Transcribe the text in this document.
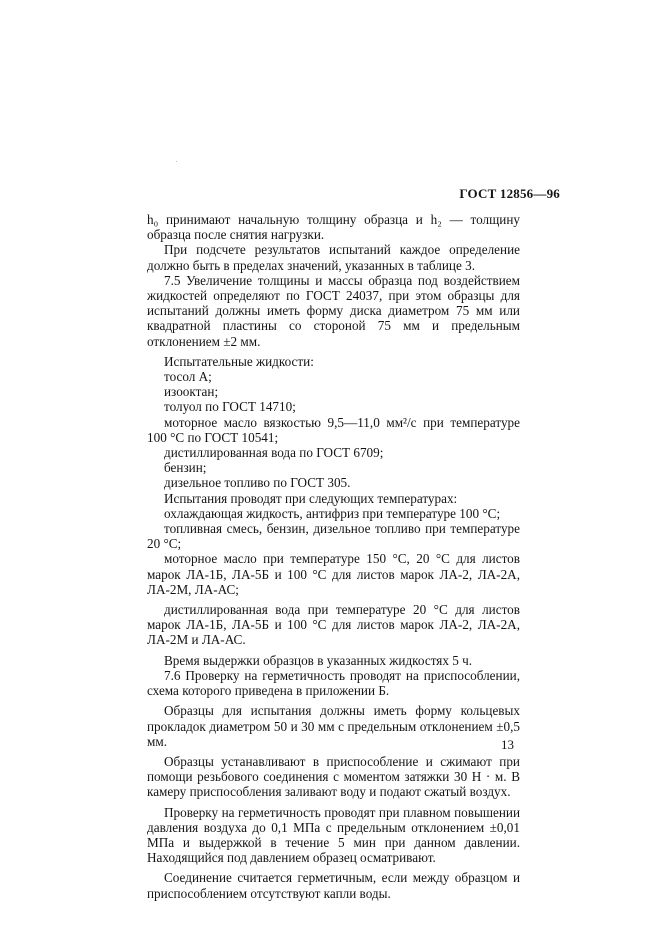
ГОСТ 12856—96

h₀ принимают начальную толщину образца и h₂ — толщину образца после снятия нагрузки.

При подсчете результатов испытаний каждое определение должно быть в пределах значений, указанных в таблице 3.

7.5 Увеличение толщины и массы образца под воздействием жидкостей определяют по ГОСТ 24037, при этом образцы для испытаний должны иметь форму диска диаметром 75 мм или квадратной пластины со стороной 75 мм и предельным отклонением ±2 мм.

Испытательные жидкости:

тосол А;

изооктан;

толуол по ГОСТ 14710;

моторное масло вязкостью 9,5—11,0 мм²/с при температуре 100 °С по ГОСТ 10541;

дистиллированная вода по ГОСТ 6709;

бензин;

дизельное топливо по ГОСТ 305.

Испытания проводят при следующих температурах:

охлаждающая жидкость, антифриз при температуре 100 °С;

топливная смесь, бензин, дизельное топливо при температуре 20 °С;

моторное масло при температуре 150 °С, 20 °С для листов марок ЛА-1Б, ЛА-5Б и 100 °С для листов марок ЛА-2, ЛА-2А, ЛА-2М, ЛА-АС;

дистиллированная вода при температуре 20 °С для листов марок ЛА-1Б, ЛА-5Б и 100 °С для листов марок ЛА-2, ЛА-2А, ЛА-2М и ЛА-АС.

Время выдержки образцов в указанных жидкостях 5 ч.

7.6 Проверку на герметичность проводят на приспособлении, схема которого приведена в приложении Б.

Образцы для испытания должны иметь форму кольцевых прокладок диаметром 50 и 30 мм с предельным отклонением ±0,5 мм.

Образцы устанавливают в приспособление и сжимают при помощи резьбового соединения с моментом затяжки 30 Н · м. В камеру приспособления заливают воду и подают сжатый воздух.

Проверку на герметичность проводят при плавном повышении давления воздуха до 0,1 МПа с предельным отклонением ±0,01 МПа и выдержкой в течение 5 мин при данном давлении. Находящийся под давлением образец осматривают.

Соединение считается герметичным, если между образцом и приспособлением отсутствуют капли воды.

13
